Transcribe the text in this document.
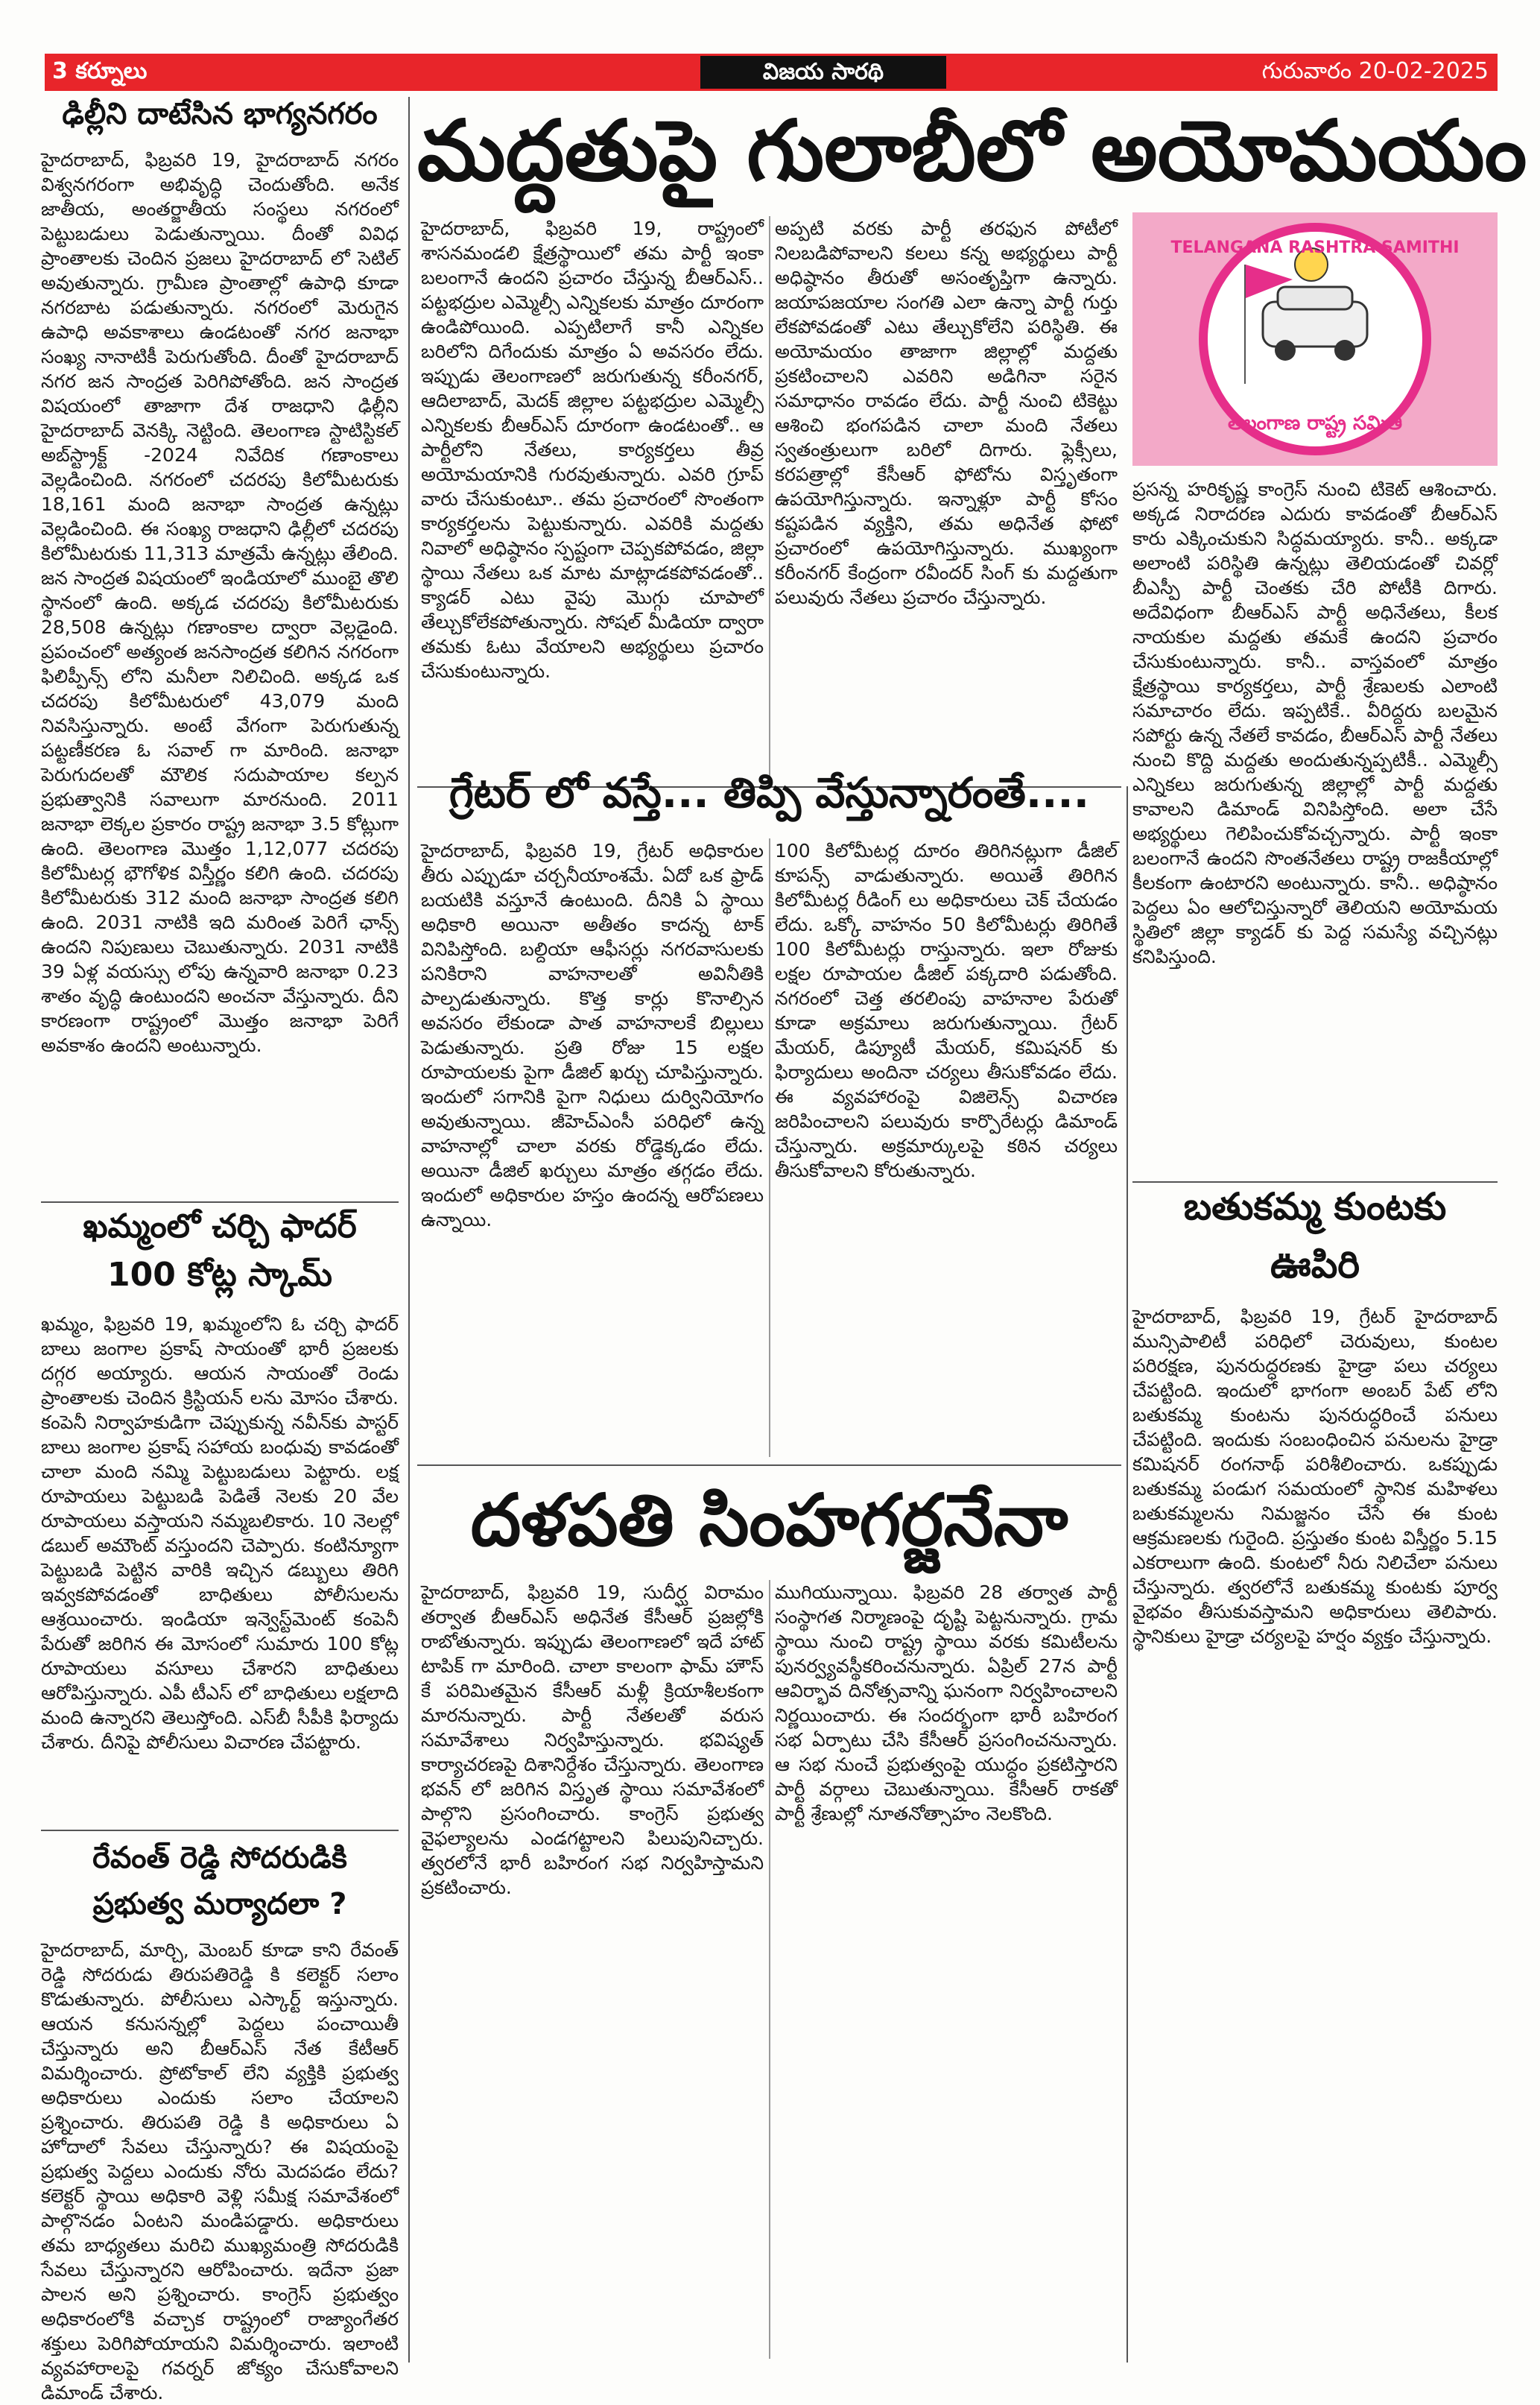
3 కర్నూలు	విజయ సారథి	గురువారం 20-02-2025
ఢిల్లీని దాటేసిన భాగ్యనగరం
హైదరాబాద్, ఫిబ్రవరి 19, హైదరాబాద్ నగరం విశ్వనగరంగా అభివృద్ధి చెందుతోంది. అనేక జాతీయ, అంతర్జాతీయ సంస్థలు నగరంలో పెట్టుబడులు పెడుతున్నాయి. దీంతో వివిధ ప్రాంతాలకు చెందిన ప్రజలు హైదరాబాద్ లో సెటిల్ అవుతున్నారు. గ్రామీణ ప్రాంతాల్లో ఉపాధి కూడా నగరబాట పడుతున్నారు. నగరంలో మెరుగైన ఉపాధి అవకాశాలు ఉండటంతో నగర జనాభా సంఖ్య నానాటికీ పెరుగుతోంది. దీంతో హైదరాబాద్ నగర జన సాంద్రత పెరిగిపోతోంది. జన సాంద్రత విషయంలో తాజాగా దేశ రాజధాని ఢిల్లీని హైదరాబాద్ వెనక్కి నెట్టింది. తెలంగాణ స్టాటిస్టికల్ అబ్‌స్ట్రాక్ట్ -2024 నివేదిక గణాంకాలు వెల్లడించింది. నగరంలో చదరపు కిలోమీటరుకు 18,161 మంది జనాభా సాంద్రత ఉన్నట్లు వెల్లడించింది. ఈ సంఖ్య రాజధాని ఢిల్లీలో చదరపు కిలోమీటరుకు 11,313 మాత్రమే ఉన్నట్లు తేలింది. జన సాంద్రత విషయంలో ఇండియాలో ముంబై తొలి స్థానంలో ఉంది. అక్కడ చదరపు కిలోమీటరుకు 28,508 ఉన్నట్లు గణాంకాల ద్వారా వెల్లడైంది. ప్రపంచంలో అత్యంత జనసాంద్రత కలిగిన నగరంగా ఫిలిప్పీన్స్ లోని మనీలా నిలిచింది. అక్కడ ఒక చదరపు కిలోమీటరులో 43,079 మంది నివసిస్తున్నారు. అంటే వేగంగా పెరుగుతున్న పట్టణీకరణ ఓ సవాల్ గా మారింది. జనాభా పెరుగుదలతో మౌలిక సదుపాయాల కల్పన ప్రభుత్వానికి సవాలుగా మారనుంది. 2011 జనాభా లెక్కల ప్రకారం రాష్ట్ర జనాభా 3.5 కోట్లుగా ఉంది. తెలంగాణ మొత్తం 1,12,077 చదరపు కిలోమీటర్ల భౌగోళిక విస్తీర్ణం కలిగి ఉంది. చదరపు కిలోమీటరుకు 312 మంది జనాభా సాంద్రత కలిగి ఉంది. 2031 నాటికి ఇది మరింత పెరిగే ఛాన్స్ ఉందని నిపుణులు చెబుతున్నారు. 2031 నాటికి 39 ఏళ్ల వయస్సు లోపు ఉన్నవారి జనాభా 0.23 శాతం వృద్ధి ఉంటుందని అంచనా వేస్తున్నారు. దీని కారణంగా రాష్ట్రంలో మొత్తం జనాభా పెరిగే అవకాశం ఉందని అంటున్నారు.
ఖమ్మంలో చర్చి ఫాదర్
100 కోట్ల స్కామ్
ఖమ్మం, ఫిబ్రవరి 19, ఖమ్మంలోని ఓ చర్చి ఫాదర్ బాలు జంగాల ప్రకాష్ సాయంతో భారీ ప్రజలకు దగ్గర అయ్యారు. ఆయన సాయంతో రెండు ప్రాంతాలకు చెందిన క్రిస్టియన్ లను మోసం చేశారు. కంపెనీ నిర్వాహకుడిగా చెప్పుకున్న నవీన్‌కు పాస్టర్ బాలు జంగాల ప్రకాష్ సహాయ బంధువు కావడంతో చాలా మంది నమ్మి పెట్టుబడులు పెట్టారు. లక్ష రూపాయలు పెట్టుబడి పెడితే నెలకు 20 వేల రూపాయలు వస్తాయని నమ్మబలికారు. 10 నెలల్లో డబుల్ అమౌంట్ వస్తుందని చెప్పారు. కంటిన్యూగా పెట్టుబడి పెట్టిన వారికి ఇచ్చిన డబ్బులు తిరిగి ఇవ్వకపోవడంతో బాధితులు పోలీసులను ఆశ్రయించారు. ఇండియా ఇన్వెస్ట్‌మెంట్ కంపెనీ పేరుతో జరిగిన ఈ మోసంలో సుమారు 100 కోట్ల రూపాయలు వసూలు చేశారని బాధితులు ఆరోపిస్తున్నారు. ఎపీ టీఎస్ లో బాధితులు లక్షలాది మంది ఉన్నారని తెలుస్తోంది. ఎస్‌బీ సీపీకి ఫిర్యాదు చేశారు. దీనిపై పోలీసులు విచారణ చేపట్టారు.
రేవంత్ రెడ్డి సోదరుడికి
ప్రభుత్వ మర్యాదలా ?
హైదరాబాద్, మార్చి, మెంబర్ కూడా కాని రేవంత్ రెడ్డి సోదరుడు తిరుపతిరెడ్డి కి కలెక్టర్ సలాం కొడుతున్నారు. పోలీసులు ఎస్కార్ట్ ఇస్తున్నారు. ఆయన కనుసన్నల్లో పెద్దలు పంచాయితీ చేస్తున్నారు అని బీఆర్ఎస్ నేత కేటీఆర్ విమర్శించారు. ప్రోటోకాల్ లేని వ్యక్తికి ప్రభుత్వ అధికారులు ఎందుకు సలాం చేయాలని ప్రశ్నించారు. తిరుపతి రెడ్డి కి అధికారులు ఏ హోదాలో సేవలు చేస్తున్నారు? ఈ విషయంపై ప్రభుత్వ పెద్దలు ఎందుకు నోరు మెదపడం లేదు? కలెక్టర్ స్థాయి అధికారి వెళ్లి సమీక్ష సమావేశంలో పాల్గొనడం ఏంటని మండిపడ్డారు. అధికారులు తమ బాధ్యతలు మరిచి ముఖ్యమంత్రి సోదరుడికి సేవలు చేస్తున్నారని ఆరోపించారు. ఇదేనా ప్రజా పాలన అని ప్రశ్నించారు. కాంగ్రెస్ ప్రభుత్వం అధికారంలోకి వచ్చాక రాష్ట్రంలో రాజ్యాంగేతర శక్తులు పెరిగిపోయాయని విమర్శించారు. ఇలాంటి వ్యవహారాలపై గవర్నర్ జోక్యం చేసుకోవాలని డిమాండ్ చేశారు.
మద్దతుపై గులాబీలో అయోమయం
హైదరాబాద్, ఫిబ్రవరి 19, రాష్ట్రంలో శాసనమండలి క్షేత్రస్థాయిలో తమ పార్టీ ఇంకా బలంగానే ఉందని ప్రచారం చేస్తున్న బీఆర్ఎస్.. పట్టభద్రుల ఎమ్మెల్సీ ఎన్నికలకు మాత్రం దూరంగా ఉండిపోయింది. ఎప్పటిలాగే కానీ ఎన్నికల బరిలోని దిగేందుకు మాత్రం ఏ అవసరం లేదు. ఇప్పుడు తెలంగాణలో జరుగుతున్న కరీంనగర్, ఆదిలాబాద్, మెదక్ జిల్లాల పట్టభద్రుల ఎమ్మెల్సీ ఎన్నికలకు బీఆర్ఎస్ దూరంగా ఉండటంతో.. ఆ పార్టీలోని నేతలు, కార్యకర్తలు తీవ్ర అయోమయానికి గురవుతున్నారు. ఎవరి గ్రూప్ వారు చేసుకుంటూ.. తమ ప్రచారంలో సొంతంగా కార్యకర్తలను పెట్టుకున్నారు. ఎవరికి మద్దతు నివాలో అధిష్ఠానం స్పష్టంగా చెప్పకపోవడం, జిల్లా స్థాయి నేతలు ఒక మాట మాట్లాడకపోవడంతో.. క్యాడర్ ఎటు వైపు మొగ్గు చూపాలో తేల్చుకోలేకపోతున్నారు. సోషల్ మీడియా ద్వారా తమకు ఓటు వేయాలని అభ్యర్థులు ప్రచారం చేసుకుంటున్నారు.
అప్పటి వరకు పార్టీ తరఫున పోటీలో నిలబడిపోవాలని కలలు కన్న అభ్యర్థులు పార్టీ అధిష్ఠానం తీరుతో అసంతృప్తిగా ఉన్నారు. జయాపజయాల సంగతి ఎలా ఉన్నా పార్టీ గుర్తు లేకపోవడంతో ఎటు తేల్చుకోలేని పరిస్థితి. ఈ అయోమయం తాజాగా జిల్లాల్లో మద్దతు ప్రకటించాలని ఎవరిని అడిగినా సరైన సమాధానం రావడం లేదు. పార్టీ నుంచి టికెట్టు ఆశించి భంగపడిన చాలా మంది నేతలు స్వతంత్రులుగా బరిలో దిగారు. ఫ్లెక్సీలు, కరపత్రాల్లో కేసీఆర్ ఫోటోను విస్తృతంగా ఉపయోగిస్తున్నారు. ఇన్నాళ్లూ పార్టీ కోసం కష్టపడిన వ్యక్తిని, తమ అధినేత ఫోటో ప్రచారంలో ఉపయోగిస్తున్నారు. ముఖ్యంగా కరీంనగర్ కేంద్రంగా రవీందర్ సింగ్ కు మద్దతుగా పలువురు నేతలు ప్రచారం చేస్తున్నారు.
TELANGANA RASHTRA SAMITHI
తెలంగాణ రాష్ట్ర సమితి
ప్రసన్న హరికృష్ణ కాంగ్రెస్ నుంచి టికెట్ ఆశించారు. అక్కడ నిరాదరణ ఎదురు కావడంతో బీఆర్ఎస్ కారు ఎక్కించుకుని సిద్ధమయ్యారు. కానీ.. అక్కడా అలాంటి పరిస్థితి ఉన్నట్లు తెలియడంతో చివర్లో బీఎస్పీ పార్టీ చెంతకు చేరి పోటీకి దిగారు. అదేవిధంగా బీఆర్ఎస్ పార్టీ అధినేతలు, కీలక నాయకుల మద్దతు తమకే ఉందని ప్రచారం చేసుకుంటున్నారు. కానీ.. వాస్తవంలో మాత్రం క్షేత్రస్థాయి కార్యకర్తలు, పార్టీ శ్రేణులకు ఎలాంటి సమాచారం లేదు. ఇప్పటికే.. వీరిద్దరు బలమైన సపోర్టు ఉన్న నేతలే కావడం, బీఆర్ఎస్ పార్టీ నేతలు నుంచి కొద్ది మద్దతు అందుతున్నప్పటికీ.. ఎమ్మెల్సీ ఎన్నికలు జరుగుతున్న జిల్లాల్లో పార్టీ మద్దతు కావాలని డిమాండ్ వినిపిస్తోంది. అలా చేసే అభ్యర్థులు గెలిపించుకోవచ్చన్నారు. పార్టీ ఇంకా బలంగానే ఉందని సొంతనేతలు రాష్ట్ర రాజకీయాల్లో కీలకంగా ఉంటారని అంటున్నారు. కానీ.. అధిష్ఠానం పెద్దలు ఏం ఆలోచిస్తున్నారో తెలియని అయోమయ స్థితిలో జిల్లా క్యాడర్ కు పెద్ద సమస్యే వచ్చినట్లు కనిపిస్తుంది.
గ్రేటర్ లో వస్తే... తిప్పి వేస్తున్నారంతే....
హైదరాబాద్, ఫిబ్రవరి 19, గ్రేటర్ అధికారుల తీరు ఎప్పుడూ చర్చనీయాంశమే. ఏదో ఒక ఫ్రాడ్ బయటికి వస్తూనే ఉంటుంది. దీనికి ఏ స్థాయి అధికారి అయినా అతీతం కాదన్న టాక్ వినిపిస్తోంది. బల్దియా ఆఫీసర్లు నగరవాసులకు పనికిరాని వాహనాలతో అవినీతికి పాల్పడుతున్నారు. కొత్త కార్లు కొనాల్సిన అవసరం లేకుండా పాత వాహనాలకే బిల్లులు పెడుతున్నారు. ప్రతి రోజు 15 లక్షల రూపాయలకు పైగా డీజిల్ ఖర్చు చూపిస్తున్నారు. ఇందులో సగానికి పైగా నిధులు దుర్వినియోగం అవుతున్నాయి. జీహెచ్ఎంసీ పరిధిలో ఉన్న వాహనాల్లో చాలా వరకు రోడ్డెక్కడం లేదు. అయినా డీజిల్ ఖర్చులు మాత్రం తగ్గడం లేదు. ఇందులో అధికారుల హస్తం ఉందన్న ఆరోపణలు ఉన్నాయి.
100 కిలోమీటర్ల దూరం తిరిగినట్లుగా డీజిల్ కూపన్స్ వాడుతున్నారు. అయితే తిరిగిన కిలోమీటర్ల రీడింగ్ లు అధికారులు చెక్ చేయడం లేదు. ఒక్కో వాహనం 50 కిలోమీటర్లు తిరిగితే 100 కిలోమీటర్లు రాస్తున్నారు. ఇలా రోజుకు లక్షల రూపాయల డీజిల్ పక్కదారి పడుతోంది. నగరంలో చెత్త తరలింపు వాహనాల పేరుతో కూడా అక్రమాలు జరుగుతున్నాయి. గ్రేటర్ మేయర్, డిప్యూటీ మేయర్, కమిషనర్ కు ఫిర్యాదులు అందినా చర్యలు తీసుకోవడం లేదు. ఈ వ్యవహారంపై విజిలెన్స్ విచారణ జరిపించాలని పలువురు కార్పొరేటర్లు డిమాండ్ చేస్తున్నారు. అక్రమార్కులపై కఠిన చర్యలు తీసుకోవాలని కోరుతున్నారు.
బతుకమ్మ కుంటకు
ఊపిరి
హైదరాబాద్, ఫిబ్రవరి 19, గ్రేటర్ హైదరాబాద్ మున్సిపాలిటీ పరిధిలో చెరువులు, కుంటల పరిరక్షణ, పునరుద్ధరణకు హైడ్రా పలు చర్యలు చేపట్టింది. ఇందులో భాగంగా అంబర్ పేట్ లోని బతుకమ్మ కుంటను పునరుద్ధరించే పనులు చేపట్టింది. ఇందుకు సంబంధించిన పనులను హైడ్రా కమిషనర్ రంగనాథ్ పరిశీలించారు. ఒకప్పుడు బతుకమ్మ పండుగ సమయంలో స్థానిక మహిళలు బతుకమ్మలను నిమజ్జనం చేసే ఈ కుంట ఆక్రమణలకు గురైంది. ప్రస్తుతం కుంట విస్తీర్ణం 5.15 ఎకరాలుగా ఉంది. కుంటలో నీరు నిలిచేలా పనులు చేస్తున్నారు. త్వరలోనే బతుకమ్మ కుంటకు పూర్వ వైభవం తీసుకువస్తామని అధికారులు తెలిపారు. స్థానికులు హైడ్రా చర్యలపై హర్షం వ్యక్తం చేస్తున్నారు.
దళపతి సింహగర్జనేనా
హైదరాబాద్, ఫిబ్రవరి 19, సుదీర్ఘ విరామం తర్వాత బీఆర్ఎస్ అధినేత కేసీఆర్ ప్రజల్లోకి రాబోతున్నారు. ఇప్పుడు తెలంగాణలో ఇదే హాట్ టాపిక్ గా మారింది. చాలా కాలంగా ఫామ్ హౌస్ కే పరిమితమైన కేసీఆర్ మళ్లీ క్రియాశీలకంగా మారనున్నారు. పార్టీ నేతలతో వరుస సమావేశాలు నిర్వహిస్తున్నారు. భవిష్యత్ కార్యాచరణపై దిశానిర్దేశం చేస్తున్నారు. తెలంగాణ భవన్ లో జరిగిన విస్తృత స్థాయి సమావేశంలో పాల్గొని ప్రసంగించారు. కాంగ్రెస్ ప్రభుత్వ వైఫల్యాలను ఎండగట్టాలని పిలుపునిచ్చారు. త్వరలోనే భారీ బహిరంగ సభ నిర్వహిస్తామని ప్రకటించారు.
ముగియున్నాయి. ఫిబ్రవరి 28 తర్వాత పార్టీ సంస్థాగత నిర్మాణంపై దృష్టి పెట్టనున్నారు. గ్రామ స్థాయి నుంచి రాష్ట్ర స్థాయి వరకు కమిటీలను పునర్వ్యవస్థీకరించనున్నారు. ఏప్రిల్ 27న పార్టీ ఆవిర్భావ దినోత్సవాన్ని ఘనంగా నిర్వహించాలని నిర్ణయించారు. ఈ సందర్భంగా భారీ బహిరంగ సభ ఏర్పాటు చేసి కేసీఆర్ ప్రసంగించనున్నారు. ఆ సభ నుంచే ప్రభుత్వంపై యుద్ధం ప్రకటిస్తారని పార్టీ వర్గాలు చెబుతున్నాయి. కేసీఆర్ రాకతో పార్టీ శ్రేణుల్లో నూతనోత్సాహం నెలకొంది.
